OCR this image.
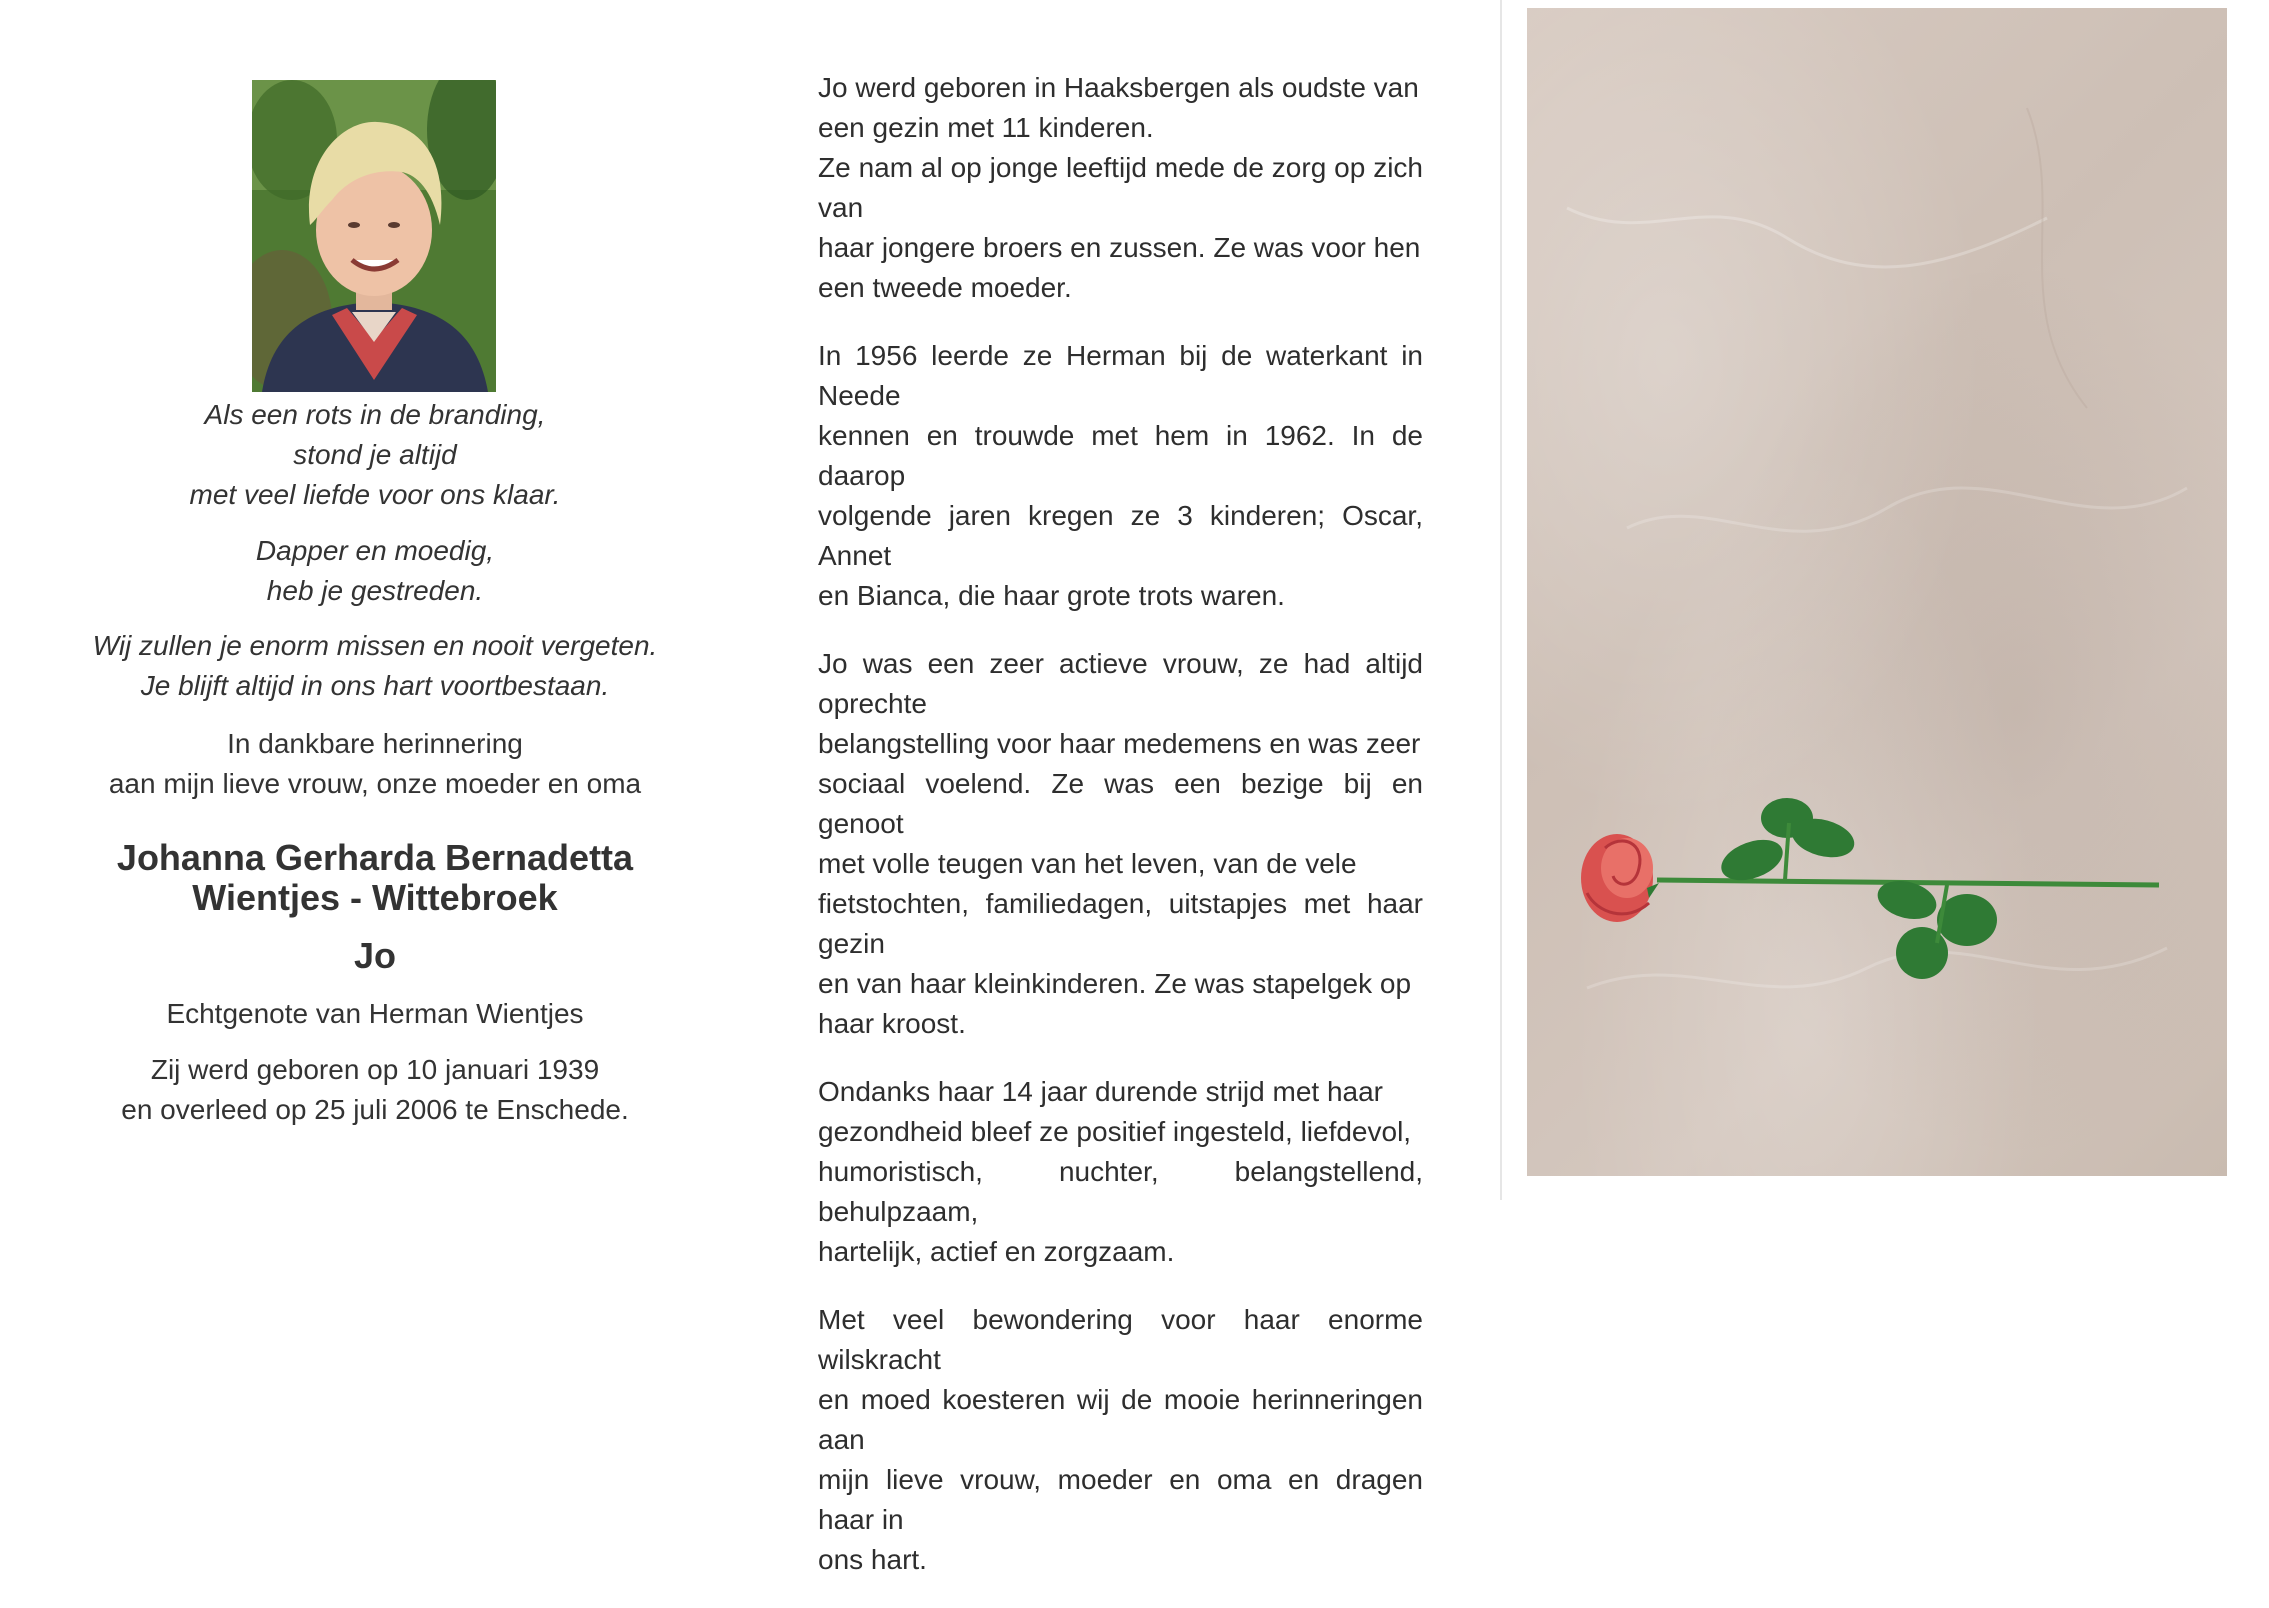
Als een rots in de branding,
stond je altijd
met veel liefde voor ons klaar.
Dapper en moedig,
heb je gestreden.
Wij zullen je enorm missen en nooit vergeten.
Je blijft altijd in ons hart voortbestaan.
In dankbare herinnering
aan mijn lieve vrouw, onze moeder en oma
Johanna Gerharda Bernadetta
Wientjes - Wittebroek
Jo
Echtgenote van Herman Wientjes
Zij werd geboren op 10 januari 1939
en overleed op 25 juli 2006 te Enschede.
Jo werd geboren in Haaksbergen als oudste van
een gezin met 11 kinderen.
Ze nam al op jonge leeftijd mede de zorg op zich van
haar jongere broers en zussen. Ze was voor hen
een tweede moeder.
In 1956 leerde ze Herman bij de waterkant in Neede
kennen en trouwde met hem in 1962. In de daarop
volgende jaren kregen ze 3 kinderen; Oscar, Annet
en Bianca, die haar grote trots waren.
Jo was een zeer actieve vrouw, ze had altijd oprechte
belangstelling voor haar medemens en was zeer
sociaal voelend. Ze was een bezige bij en genoot
met volle teugen van het leven, van de vele
fietstochten, familiedagen, uitstapjes met haar gezin
en van haar kleinkinderen. Ze was stapelgek op
haar kroost.
Ondanks haar 14 jaar durende strijd met haar
gezondheid bleef ze positief ingesteld, liefdevol,
humoristisch, nuchter, belangstellend, behulpzaam,
hartelijk, actief en zorgzaam.
Met veel bewondering voor haar enorme wilskracht
en moed koesteren wij de mooie herinneringen aan
mijn lieve vrouw, moeder en oma en dragen haar in
ons hart.
